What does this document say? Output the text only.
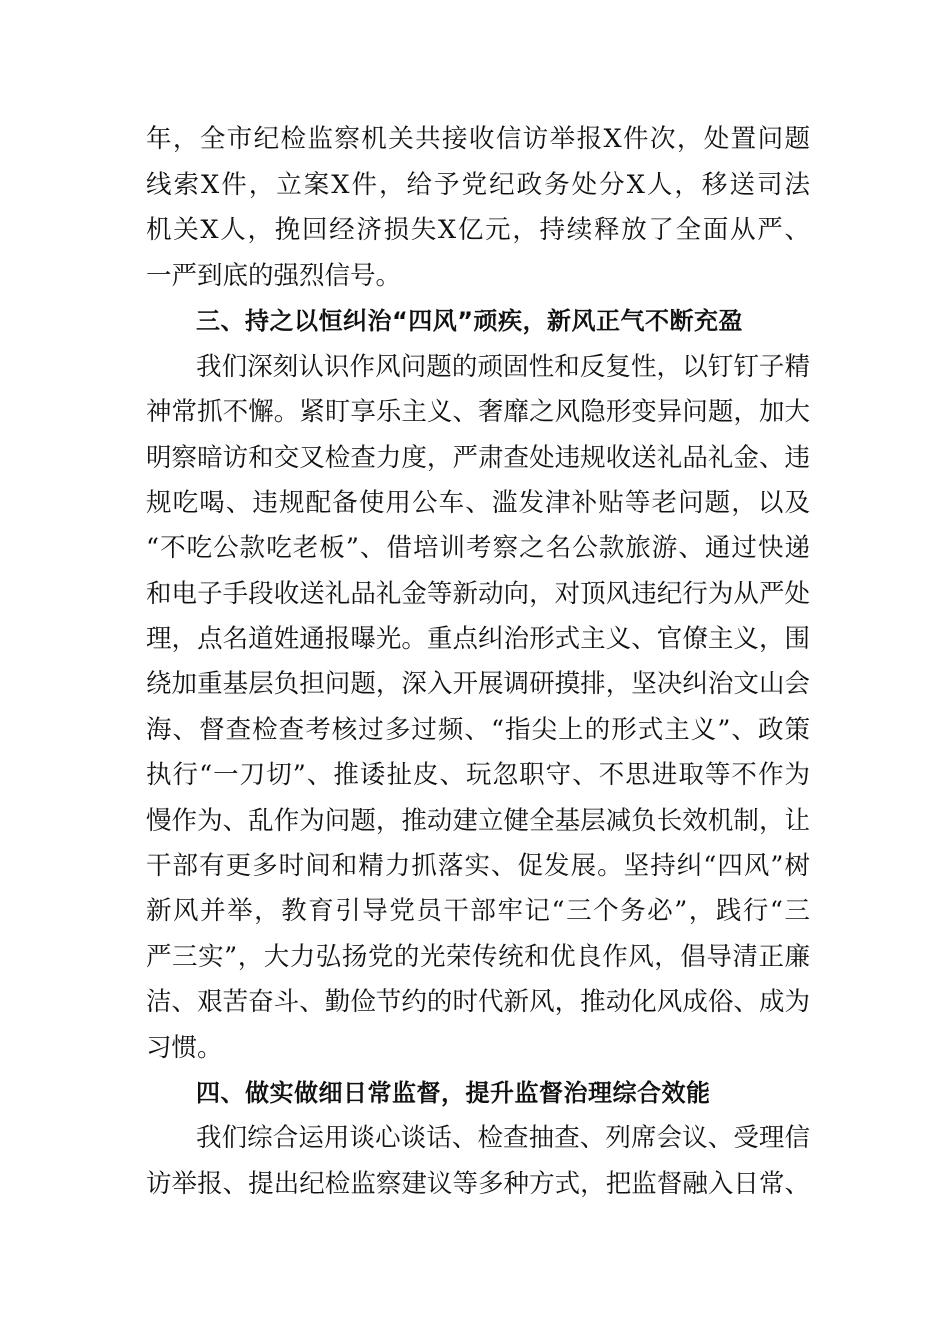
年，全市纪检监察机关共接收信访举报X件次，处置问题
线索X件，立案X件，给予党纪政务处分X人，移送司法
机关X人，挽回经济损失X亿元，持续释放了全面从严、
一严到底的强烈信号。
三、持之以恒纠治“四风”顽疾，新风正气不断充盈
我们深刻认识作风问题的顽固性和反复性，以钉钉子精
神常抓不懈。紧盯享乐主义、奢靡之风隐形变异问题，加大
明察暗访和交叉检查力度，严肃查处违规收送礼品礼金、违
规吃喝、违规配备使用公车、滥发津补贴等老问题，以及
“不吃公款吃老板”、借培训考察之名公款旅游、通过快递
和电子手段收送礼品礼金等新动向，对顶风违纪行为从严处
理，点名道姓通报曝光。重点纠治形式主义、官僚主义，围
绕加重基层负担问题，深入开展调研摸排，坚决纠治文山会
海、督查检查考核过多过频、“指尖上的形式主义”、政策
执行“一刀切”、推诿扯皮、玩忽职守、不思进取等不作为
慢作为、乱作为问题，推动建立健全基层减负长效机制，让
干部有更多时间和精力抓落实、促发展。坚持纠“四风”树
新风并举，教育引导党员干部牢记“三个务必”，践行“三
严三实”，大力弘扬党的光荣传统和优良作风，倡导清正廉
洁、艰苦奋斗、勤俭节约的时代新风，推动化风成俗、成为
习惯。
四、做实做细日常监督，提升监督治理综合效能
我们综合运用谈心谈话、检查抽查、列席会议、受理信
访举报、提出纪检监察建议等多种方式，把监督融入日常、
